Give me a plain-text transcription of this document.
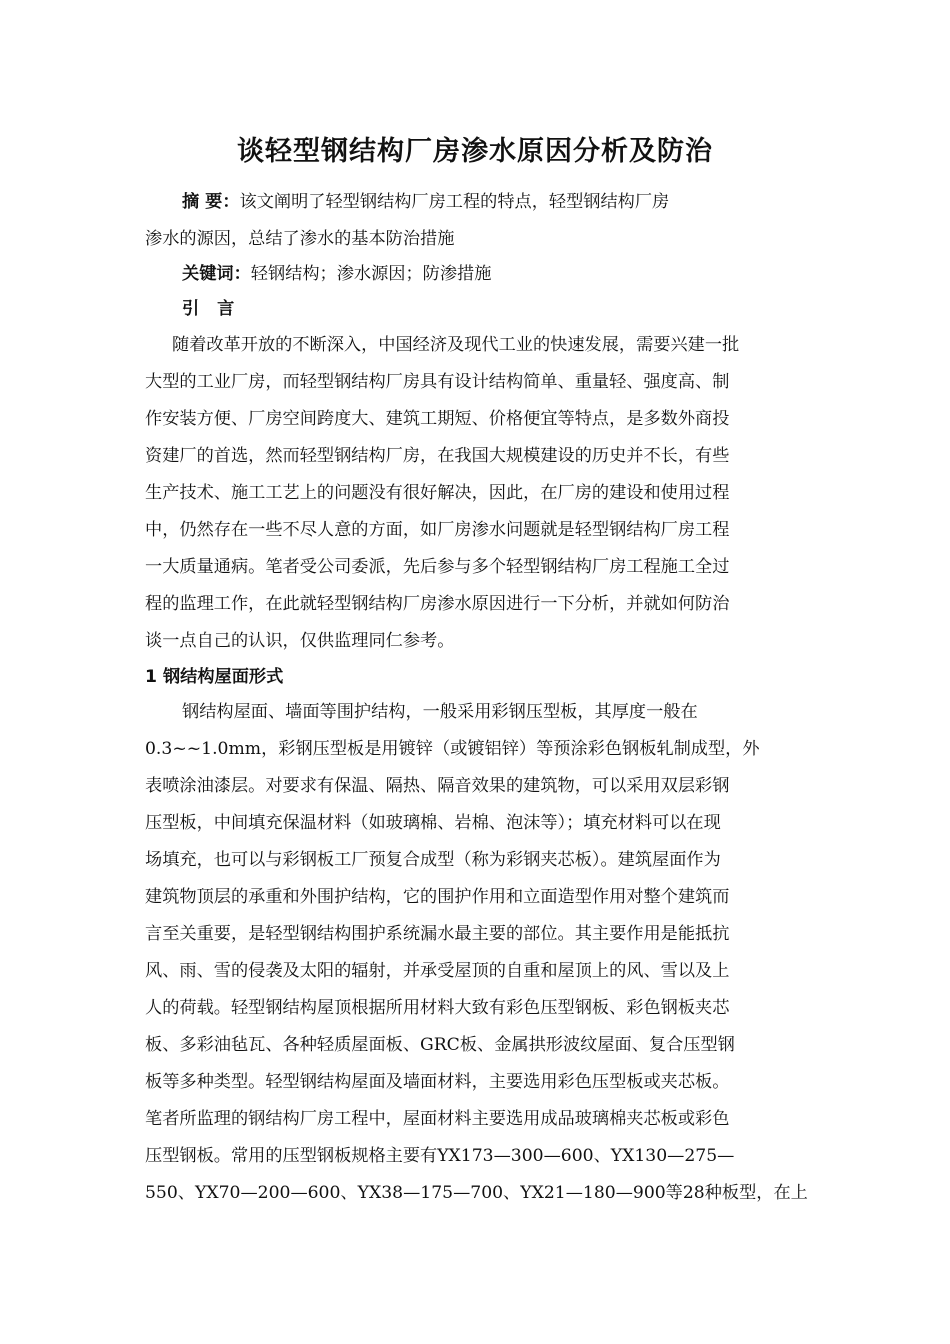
谈轻型钢结构厂房渗水原因分析及防治
摘 要：该文阐明了轻型钢结构厂房工程的特点，轻型钢结构厂房
渗水的源因，总结了渗水的基本防治措施
关键词：轻钢结构；渗水源因；防渗措施
引 言
随着改革开放的不断深入，中国经济及现代工业的快速发展，需要兴建一批
大型的工业厂房，而轻型钢结构厂房具有设计结构简单、重量轻、强度高、制
作安装方便、厂房空间跨度大、建筑工期短、价格便宜等特点，是多数外商投
资建厂的首选，然而轻型钢结构厂房，在我国大规模建设的历史并不长，有些
生产技术、施工工艺上的问题没有很好解决，因此，在厂房的建设和使用过程
中，仍然存在一些不尽人意的方面，如厂房渗水问题就是轻型钢结构厂房工程
一大质量通病。笔者受公司委派，先后参与多个轻型钢结构厂房工程施工全过
程的监理工作，在此就轻型钢结构厂房渗水原因进行一下分析，并就如何防治
谈一点自己的认识，仅供监理同仁参考。
1 钢结构屋面形式
钢结构屋面、墙面等围护结构，一般采用彩钢压型板，其厚度一般在
0.3~~1.0mm，彩钢压型板是用镀锌（或镀铝锌）等预涂彩色钢板轧制成型，外
表喷涂油漆层。对要求有保温、隔热、隔音效果的建筑物，可以采用双层彩钢
压型板，中间填充保温材料（如玻璃棉、岩棉、泡沫等）；填充材料可以在现
场填充，也可以与彩钢板工厂预复合成型（称为彩钢夹芯板）。建筑屋面作为
建筑物顶层的承重和外围护结构，它的围护作用和立面造型作用对整个建筑而
言至关重要，是轻型钢结构围护系统漏水最主要的部位。其主要作用是能抵抗
风、雨、雪的侵袭及太阳的辐射，并承受屋顶的自重和屋顶上的风、雪以及上
人的荷载。轻型钢结构屋顶根据所用材料大致有彩色压型钢板、彩色钢板夹芯
板、多彩油毡瓦、各种轻质屋面板、GRC板、金属拱形波纹屋面、复合压型钢
板等多种类型。轻型钢结构屋面及墙面材料，主要选用彩色压型板或夹芯板。
笔者所监理的钢结构厂房工程中，屋面材料主要选用成品玻璃棉夹芯板或彩色
压型钢板。常用的压型钢板规格主要有YX173—300—600、YX130—275—
550、YX70—200—600、YX38—175—700、YX21—180—900等28种板型，在上
